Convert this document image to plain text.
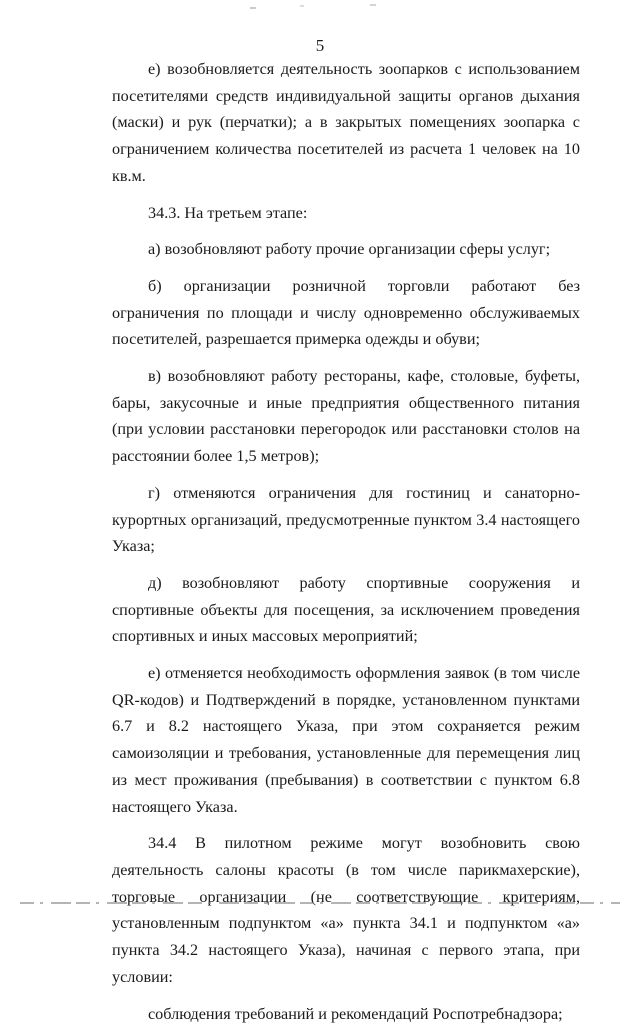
5

е) возобновляется деятельность зоопарков с использованием посетителями средств индивидуальной защиты органов дыхания (маски) и рук (перчатки); а в закрытых помещениях зоопарка с ограничением количества посетителей из расчета 1 человек на 10 кв.м.

34.3. На третьем этапе:

а) возобновляют работу прочие организации сферы услуг;

б) организации розничной торговли работают без ограничения по площади и числу одновременно обслуживаемых посетителей, разрешается примерка одежды и обуви;

в) возобновляют работу рестораны, кафе, столовые, буфеты, бары, закусочные и иные предприятия общественного питания (при условии расстановки перегородок или расстановки столов на расстоянии более 1,5 метров);

г) отменяются ограничения для гостиниц и санаторно-курортных организаций, предусмотренные пунктом 3.4 настоящего Указа;

д) возобновляют работу спортивные сооружения и спортивные объекты для посещения, за исключением проведения спортивных и иных массовых мероприятий;

е) отменяется необходимость оформления заявок (в том числе QR-кодов) и Подтверждений в порядке, установленном пунктами 6.7 и 8.2 настоящего Указа, при этом сохраняется режим самоизоляции и требования, установленные для перемещения лиц из мест проживания (пребывания) в соответствии с пунктом 6.8 настоящего Указа.

34.4 В пилотном режиме могут возобновить свою деятельность салоны красоты (в том числе парикмахерские), торговые организации (не соответствующие критериям, установленным подпунктом «а» пункта 34.1 и подпунктом «а» пункта 34.2 настоящего Указа), начиная с первого этапа, при условии:

соблюдения требований и рекомендаций Роспотребнадзора;
